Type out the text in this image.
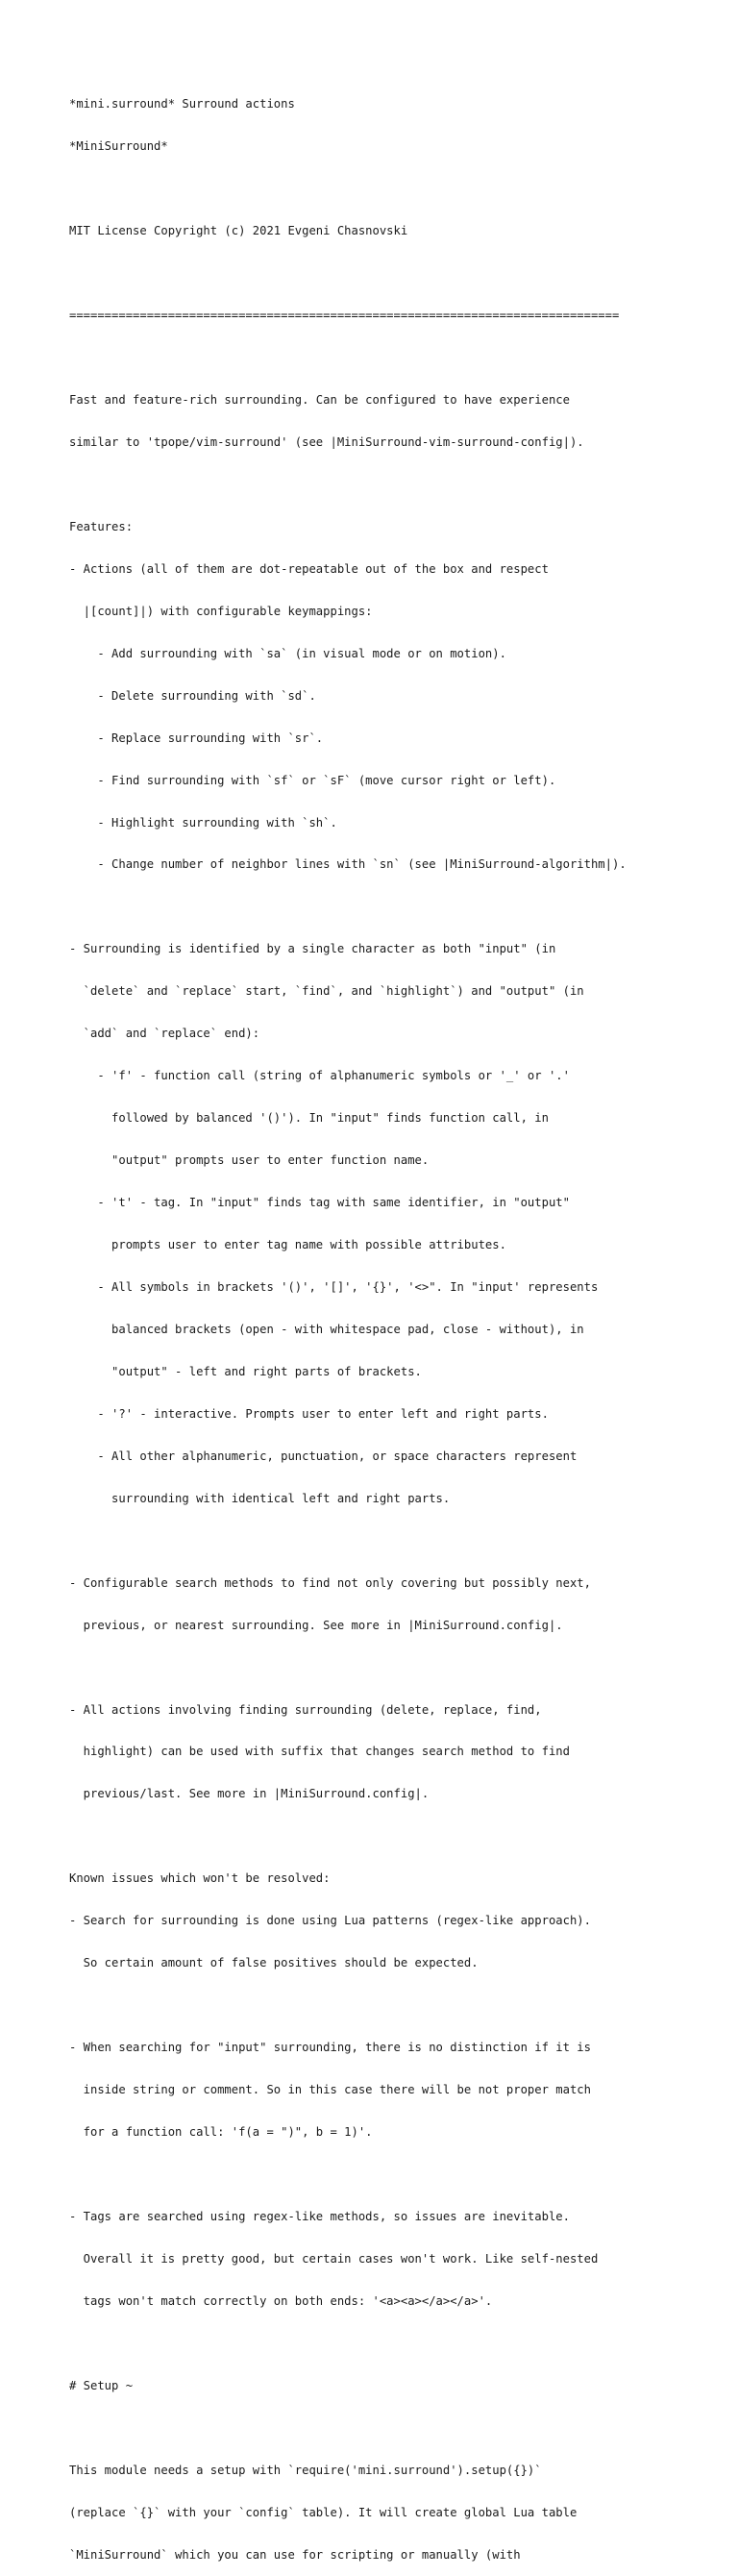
*mini.surround* Surround actions

*MiniSurround*

MIT License Copyright (c) 2021 Evgeni Chasnovski

==============================================================================

Fast and feature-rich surrounding. Can be configured to have experience

similar to 'tpope/vim-surround' (see |MiniSurround-vim-surround-config|).

Features:

- Actions (all of them are dot-repeatable out of the box and respect

|[count]|) with configurable keymappings:

- Add surrounding with `sa` (in visual mode or on motion).

- Delete surrounding with `sd`.

- Replace surrounding with `sr`.

- Find surrounding with `sf` or `sF` (move cursor right or left).

- Highlight surrounding with `sh`.

- Change number of neighbor lines with `sn` (see |MiniSurround-algorithm|).

- Surrounding is identified by a single character as both "input" (in

`delete` and `replace` start, `find`, and `highlight`) and "output" (in

`add` and `replace` end):

- 'f' - function call (string of alphanumeric symbols or '_' or '.'

followed by balanced '()'). In "input" finds function call, in

"output" prompts user to enter function name.

- 't' - tag. In "input" finds tag with same identifier, in "output"

prompts user to enter tag name with possible attributes.

- All symbols in brackets '()', '[]', '{}', '<>". In "input' represents

balanced brackets (open - with whitespace pad, close - without), in

"output" - left and right parts of brackets.

- '?' - interactive. Prompts user to enter left and right parts.

- All other alphanumeric, punctuation, or space characters represent

surrounding with identical left and right parts.

- Configurable search methods to find not only covering but possibly next,

previous, or nearest surrounding. See more in |MiniSurround.config|.

- All actions involving finding surrounding (delete, replace, find,

highlight) can be used with suffix that changes search method to find

previous/last. See more in |MiniSurround.config|.

Known issues which won't be resolved:

- Search for surrounding is done using Lua patterns (regex-like approach).

So certain amount of false positives should be expected.

- When searching for "input" surrounding, there is no distinction if it is

inside string or comment. So in this case there will be not proper match

for a function call: 'f(a = ")", b = 1)'.

- Tags are searched using regex-like methods, so issues are inevitable.

Overall it is pretty good, but certain cases won't work. Like self-nested

tags won't match correctly on both ends: '<a><a></a></a>'.

# Setup ~

This module needs a setup with `require('mini.surround').setup({})`

(replace `{}` with your `config` table). It will create global Lua table

`MiniSurround` which you can use for scripting or manually (with
